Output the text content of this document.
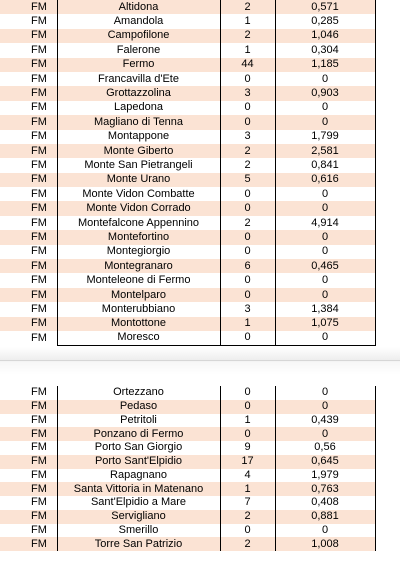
FM	Altidona	2	0,571	
FM	Amandola	1	0,285	
FM	Campofilone	2	1,046	
FM	Falerone	1	0,304	
FM	Fermo	44	1,185	
FM	Francavilla d'Ete	0	0	
FM	Grottazzolina	3	0,903	
FM	Lapedona	0	0	
FM	Magliano di Tenna	0	0	
FM	Montappone	3	1,799	
FM	Monte Giberto	2	2,581	
FM	Monte San Pietrangeli	2	0,841	
FM	Monte Urano	5	0,616	
FM	Monte Vidon Combatte	0	0	
FM	Monte Vidon Corrado	0	0	
FM	Montefalcone Appennino	2	4,914	
FM	Montefortino	0	0	
FM	Montegiorgio	0	0	
FM	Montegranaro	6	0,465	
FM	Monteleone di Fermo	0	0	
FM	Montelparo	0	0	
FM	Monterubbiano	3	1,384	
FM	Montottone	1	1,075	
FM	Moresco	0	0	
FM	Ortezzano	0	0	
FM	Pedaso	0	0	
FM	Petritoli	1	0,439	
FM	Ponzano di Fermo	0	0	
FM	Porto San Giorgio	9	0,56	
FM	Porto Sant'Elpidio	17	0,645	
FM	Rapagnano	4	1,979	
FM	Santa Vittoria in Matenano	1	0,763	
FM	Sant'Elpidio a Mare	7	0,408	
FM	Servigliano	2	0,881	
FM	Smerillo	0	0	
FM	Torre San Patrizio	2	1,008	
